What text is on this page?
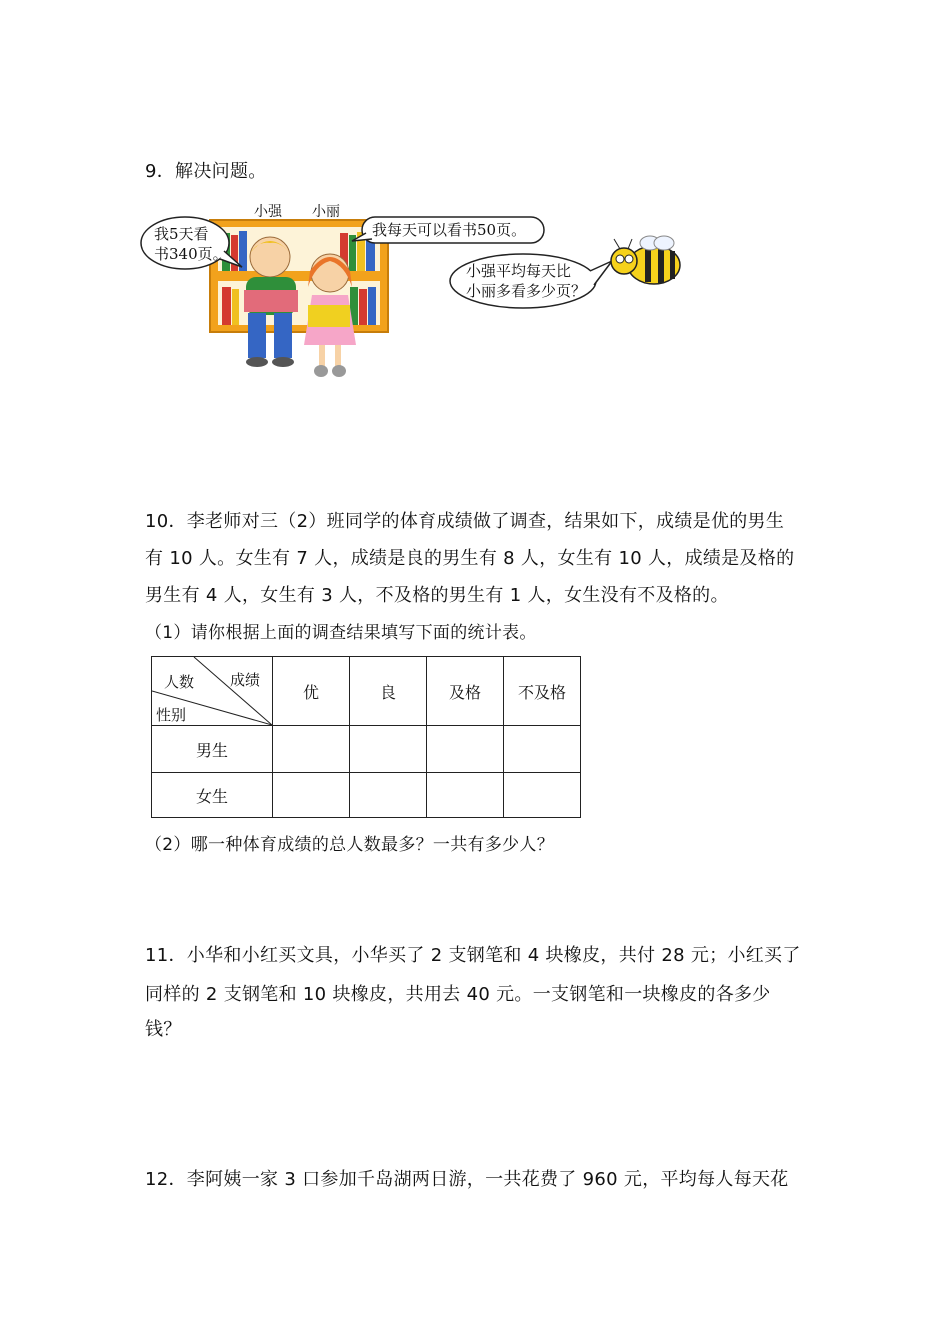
9．解决问题。
小强 小丽
我5天看
书340页。
我每天可以看书50页。
小强平均每天比
小丽多看多少页？
10．李老师对三（2）班同学的体育成绩做了调查，结果如下，成绩是优的男生
有 10 人。女生有 7 人，成绩是良的男生有 8 人，女生有 10 人，成绩是及格的
男生有 4 人，女生有 3 人，不及格的男生有 1 人，女生没有不及格的。
（1）请你根据上面的调查结果填写下面的统计表。
人数 成绩
性别	优	良	及格	不及格
男生				
女生				
（2）哪一种体育成绩的总人数最多？一共有多少人？
11．小华和小红买文具，小华买了 2 支钢笔和 4 块橡皮，共付 28 元；小红买了
同样的 2 支钢笔和 10 块橡皮，共用去 40 元。一支钢笔和一块橡皮的各多少
钱？
12．李阿姨一家 3 口参加千岛湖两日游，一共花费了 960 元，平均每人每天花
